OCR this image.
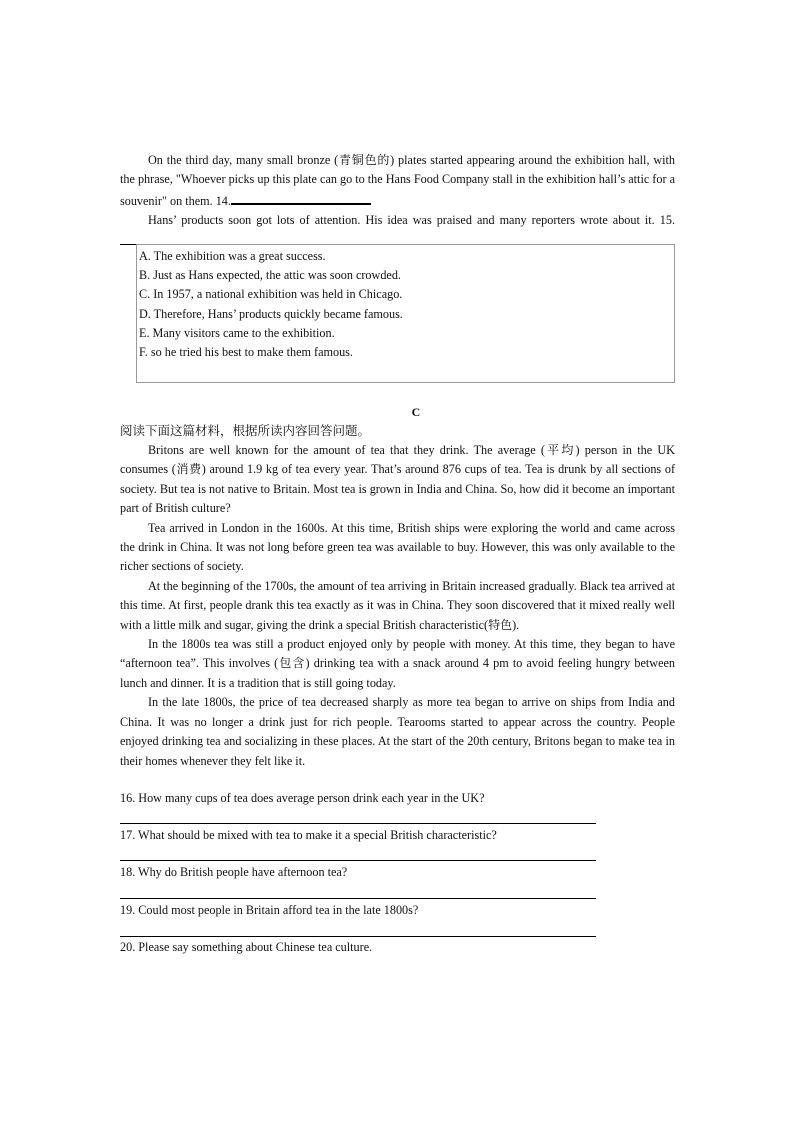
On the third day, many small bronze (青铜色的) plates started appearing around the exhibition hall, with the phrase, "Whoever picks up this plate can go to the Hans Food Company stall in the exhibition hall’s attic for a souvenir" on them. 14.

Hans’ products soon got lots of attention. His idea was praised and many reporters wrote about it. 15.

A. The exhibition was a great success.
B. Just as Hans expected, the attic was soon crowded.
C. In 1957, a national exhibition was held in Chicago.
D. Therefore, Hans’ products quickly became famous.
E. Many visitors came to the exhibition.
F. so he tried his best to make them famous.
C
阅读下面这篇材料，根据所读内容回答问题。

Britons are well known for the amount of tea that they drink. The average (平均) person in the UK consumes (消费) around 1.9 kg of tea every year. That’s around 876 cups of tea. Tea is drunk by all sections of society. But tea is not native to Britain. Most tea is grown in India and China. So, how did it become an important part of British culture?

Tea arrived in London in the 1600s. At this time, British ships were exploring the world and came across the drink in China. It was not long before green tea was available to buy. However, this was only available to the richer sections of society.

At the beginning of the 1700s, the amount of tea arriving in Britain increased gradually. Black tea arrived at this time. At first, people drank this tea exactly as it was in China. They soon discovered that it mixed really well with a little milk and sugar, giving the drink a special British characteristic(特色).

In the 1800s tea was still a product enjoyed only by people with money. At this time, they began to have “afternoon tea”. This involves (包含) drinking tea with a snack around 4 pm to avoid feeling hungry between lunch and dinner. It is a tradition that is still going today.

In the late 1800s, the price of tea decreased sharply as more tea began to arrive on ships from India and China. It was no longer a drink just for rich people. Tearooms started to appear across the country. People enjoyed drinking tea and socializing in these places. At the start of the 20th century, Britons began to make tea in their homes whenever they felt like it.

16. How many cups of tea does average person drink each year in the UK?
17. What should be mixed with tea to make it a special British characteristic?
18. Why do British people have afternoon tea?
19. Could most people in Britain afford tea in the late 1800s?
20. Please say something about Chinese tea culture.
